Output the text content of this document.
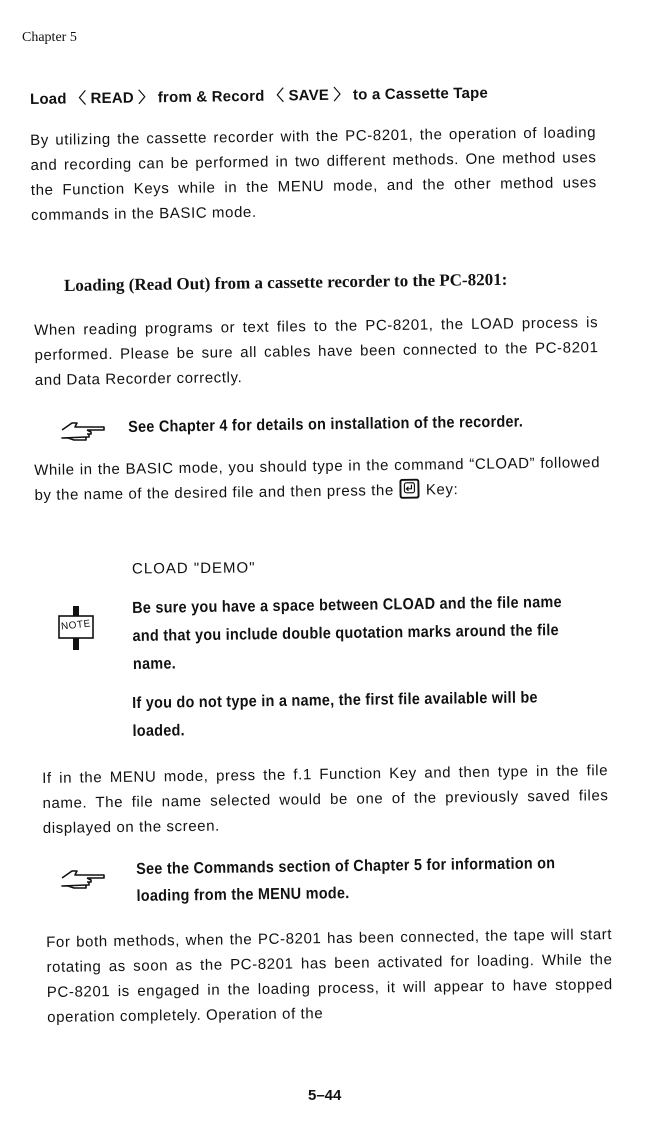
Chapter 5
Load 〈 READ 〉 from & Record 〈 SAVE 〉 to a Cassette Tape

By utilizing the cassette recorder with the PC-8201, the operation of loading and recording can be performed in two different methods. One method uses the Function Keys while in the MENU mode, and the other method uses commands in the BASIC mode.

Loading (Read Out) from a cassette recorder to the PC-8201:

When reading programs or text files to the PC-8201, the LOAD process is performed. Please be sure all cables have been connected to the PC-8201 and Data Recorder correctly.

See Chapter 4 for details on installation of the recorder.

While in the BASIC mode, you should type in the command “CLOAD” followed by the name of the desired file and then press the Key:

CLOAD "DEMO"
NOTE

Be sure you have a space between CLOAD and the file name and that you include double quotation marks around the file name.

If you do not type in a name, the first file available will be loaded.

If in the MENU mode, press the f.1 Function Key and then type in the file name. The file name selected would be one of the previously saved files displayed on the screen.

See the Commands section of Chapter 5 for information on loading from the MENU mode.

For both methods, when the PC-8201 has been connected, the tape will start rotating as soon as the PC-8201 has been activated for loading. While the PC-8201 is engaged in the loading process, it will appear to have stopped operation completely. Operation of the

5–44
